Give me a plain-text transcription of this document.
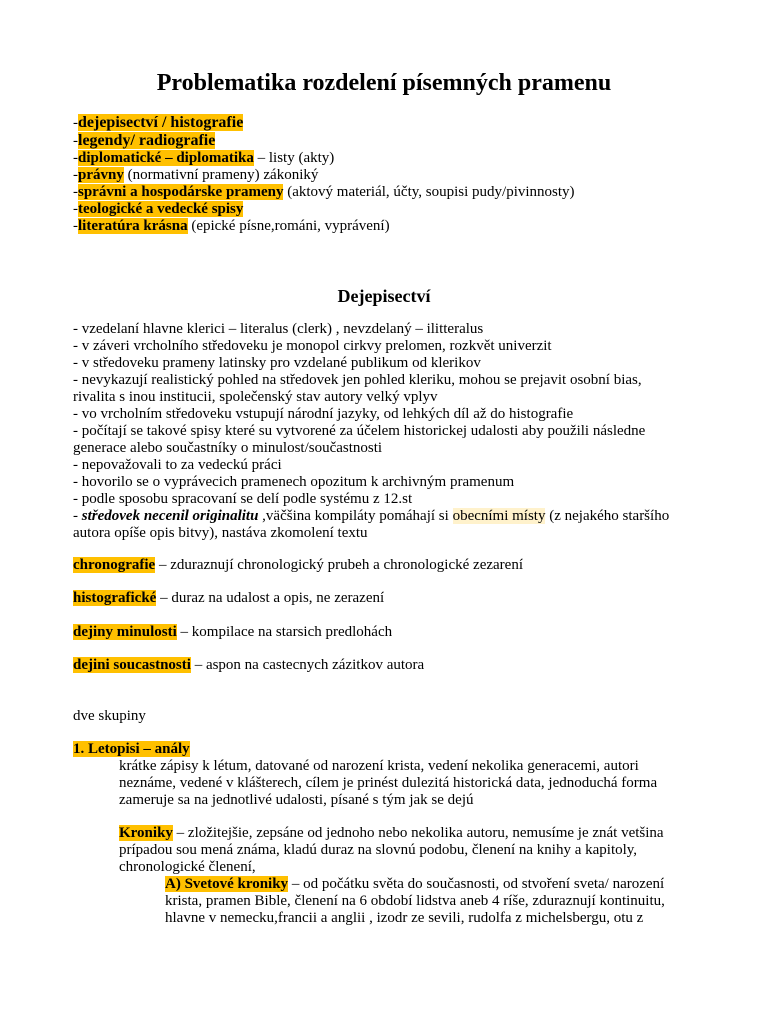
Problematika rozdelení písemných pramenu
-dejepisectví / histografie
-legendy/ radiografie
-diplomatické – diplomatika – listy (akty)
-právny (normativní prameny) zákoniký
-správni a hospodárske prameny (aktový materiál, účty, soupisi pudy/pivinnosty)
-teologické a vedecké spisy
-literatúra krásna (epické písne,románi, vyprávení)
Dejepisectví
- vzedelaní hlavne klerici – literalus (clerk) , nevzdelaný – ilitteralus
- v záveri vrcholního středoveku je monopol cirkvy prelomen, rozkvět univerzit
- v středoveku prameny latinsky pro vzdelané publikum od klerikov
- nevykazují realistický pohled na středovek jen pohled kleriku, mohou se prejavit osobní bias,
rivalita s inou institucii, společenský stav autory velký vplyv
- vo vrcholním středoveku vstupují národní jazyky, od lehkých díl až do histografie
- počítají se takové spisy které su vytvorené za účelem historickej udalosti aby použili následne
generace alebo součastníky o minulost/součastnosti
- nepovažovali to za vedeckú práci
- hovorilo se o vyprávecich pramenech opozitum k archivným pramenum
- podle sposobu spracovaní se delí podle systému z 12.st
- středovek necenil originalitu ,väčšina kompiláty pomáhají si obecními místy (z nejakého staršího
autora opíše opis bitvy), nastáva zkomolení textu
chronografie – zduraznují chronologický prubeh a chronologické zezarení
histografické – duraz na udalost a opis, ne zerazení
dejiny minulosti – kompilace na starsich predlohách
dejini soucastnosti – aspon na castecnych zázitkov autora
dve skupiny
1. Letopisi – anály
krátke zápisy k létum, datované od narození krista, vedení nekolika generacemi, autori
neznáme, vedené v klášterech, cílem je prinést dulezitá historická data, jednoduchá forma
zameruje sa na jednotlivé udalosti, písané s tým jak se dejú
Kroniky – zložitejšie, zepsáne od jednoho nebo nekolika autoru, nemusíme je znát vetšina
prípadou sou mená známa, kladú duraz na slovnú podobu, členení na knihy a kapitoly,
chronologické členení,
A) Svetové kroniky – od počátku světa do současnosti, od stvoření sveta/ narození
krista, pramen Bible, členení na 6 období lidstva aneb 4 ríše, zduraznují kontinuitu,
hlavne v nemecku,francii a anglii , izodr ze sevili, rudolfa z michelsbergu, otu z
